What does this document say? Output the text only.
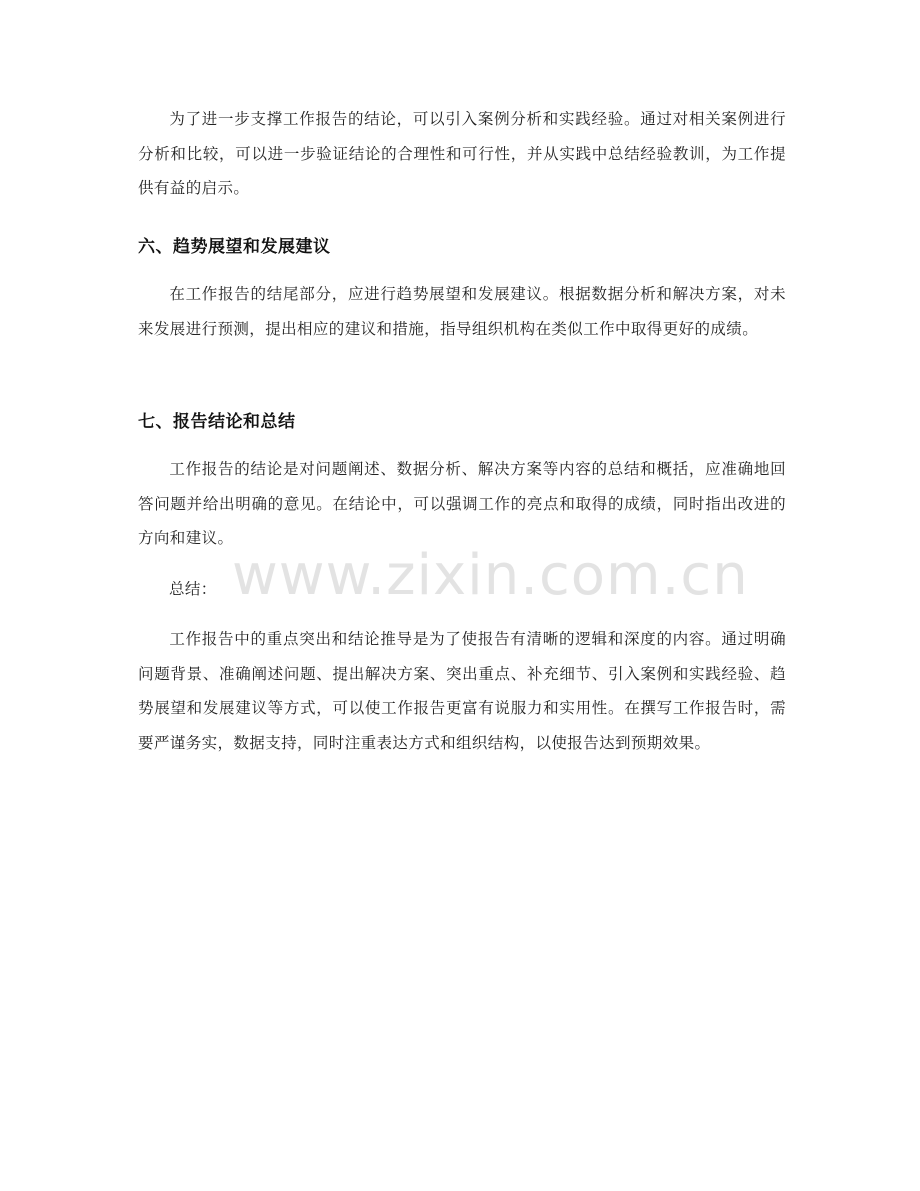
www.zixin.com.cn

为了进一步支撑工作报告的结论，可以引入案例分析和实践经验。通过对相关案例进行分析和比较，可以进一步验证结论的合理性和可行性，并从实践中总结经验教训，为工作提供有益的启示。

六、趋势展望和发展建议

在工作报告的结尾部分，应进行趋势展望和发展建议。根据数据分析和解决方案，对未来发展进行预测，提出相应的建议和措施，指导组织机构在类似工作中取得更好的成绩。

七、报告结论和总结

工作报告的结论是对问题阐述、数据分析、解决方案等内容的总结和概括，应准确地回答问题并给出明确的意见。在结论中，可以强调工作的亮点和取得的成绩，同时指出改进的方向和建议。

总结：

工作报告中的重点突出和结论推导是为了使报告有清晰的逻辑和深度的内容。通过明确问题背景、准确阐述问题、提出解决方案、突出重点、补充细节、引入案例和实践经验、趋势展望和发展建议等方式，可以使工作报告更富有说服力和实用性。在撰写工作报告时，需要严谨务实，数据支持，同时注重表达方式和组织结构，以使报告达到预期效果。
